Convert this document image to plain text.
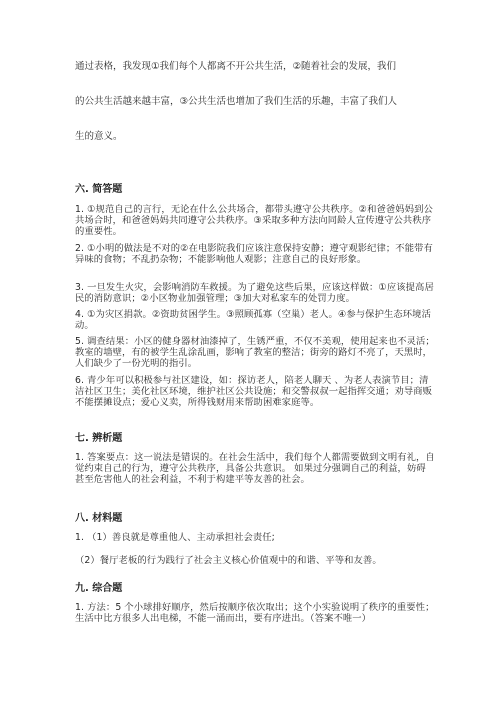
通过表格，我发现①我们每个人都离不开公共生活，②随着社会的发展，我们

的公共生活越来越丰富，③公共生活也增加了我们生活的乐趣，丰富了我们人

生的意义。

六. 简答题

1. ①规范自己的言行，无论在什么公共场合，都带头遵守公共秩序。②和爸爸妈妈到公共场合时，和爸爸妈妈共同遵守公共秩序。③采取多种方法向同龄人宣传遵守公共秩序的重要性。

2. ①小明的做法是不对的②在电影院我们应该注意保持安静；遵守观影纪律；不能带有异味的食物；不乱扔杂物；不能影响他人观影；注意自己的良好形象。

3. 一旦发生火灾，会影响消防车救援。为了避免这些后果，应该这样做：①应该提高居民的消防意识；②小区物业加强管理；③加大对私家车的处罚力度。

4. ①为灾区捐款。②资助贫困学生。③照顾孤寡（空巢）老人。④参与保护生态环境活动。

5. 调查结果：小区的健身器材油漆掉了，生锈严重，不仅不美观，使用起来也不灵活；教室的墙壁，有的被学生乱涂乱画，影响了教室的整洁；街旁的路灯不亮了，天黑时，人们缺少了一份光明的指引。

6. 青少年可以积极参与社区建设，如：探访老人，陪老人聊天 、为老人表演节目；清洁社区卫生；美化社区环境，维护社区公共设施；和交警叔叔一起指挥交通；劝导商贩不能摆摊设点；爱心义卖，所得钱财用来帮助困难家庭等。

七. 辨析题

1. 答案要点：这一说法是错误的。在社会生活中，我们每个人都需要做到文明有礼，自觉约束自己的行为，遵守公共秩序，具备公共意识。 如果过分强调自己的利益，妨碍甚至危害他人的社会利益，不利于构建平等友善的社会。

八. 材料题

1. （1）善良就是尊重他人、主动承担社会责任;

（2）餐厅老板的行为践行了社会主义核心价值观中的和谐、平等和友善。

九. 综合题

1. 方法：5 个小球排好顺序，然后按顺序依次取出；这个小实验说明了秩序的重要性；生活中比方很多人出电梯，不能一涌而出，要有序进出。（答案不唯一）
